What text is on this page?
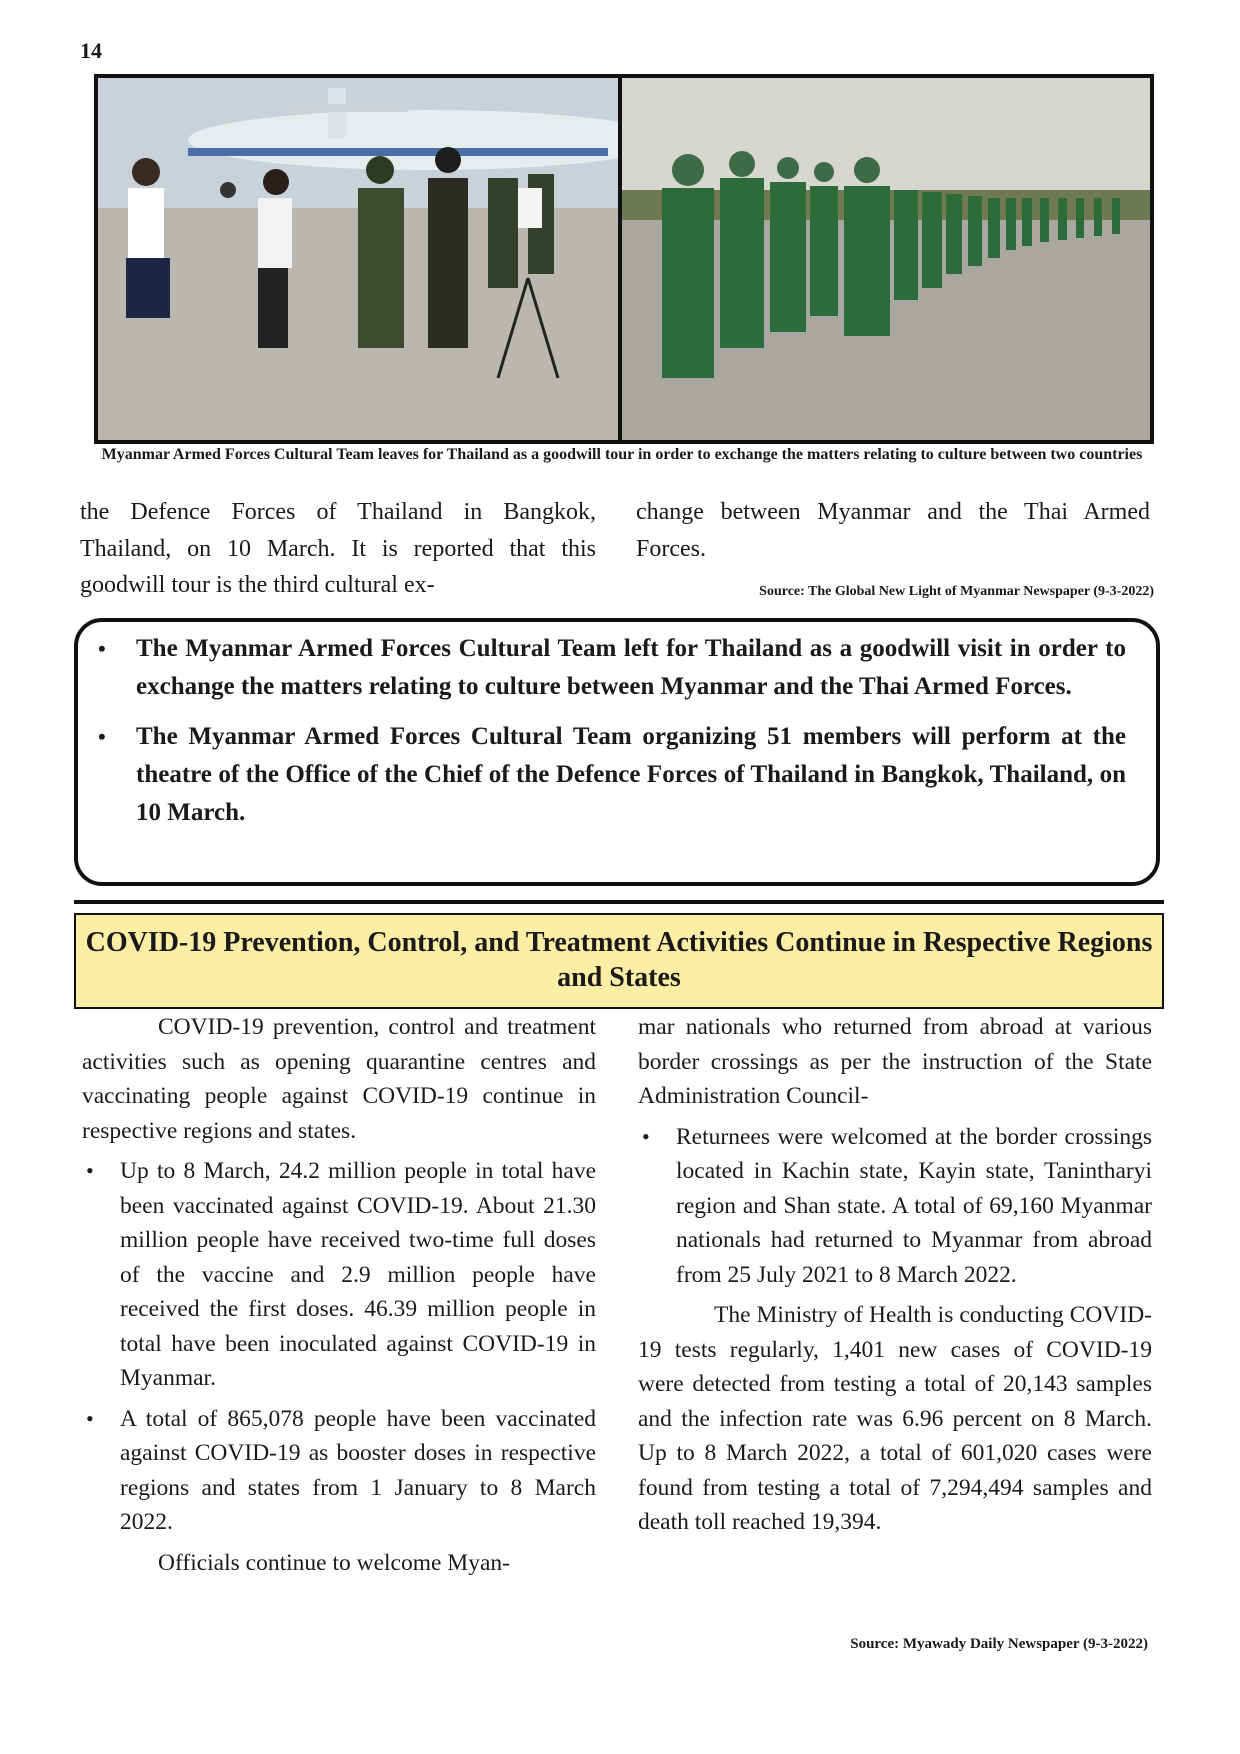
14
Myanmar Armed Forces Cultural Team leaves for Thailand as a goodwill tour in order to exchange the matters relating to culture between two countries

the Defence Forces of Thailand in Bangkok, Thailand, on 10 March. It is reported that this goodwill tour is the third cultural ex-

change between Myanmar and the Thai Armed Forces.

Source: The Global New Light of Myanmar Newspaper (9-3-2022)
• The Myanmar Armed Forces Cultural Team left for Thailand as a goodwill visit in order to exchange the matters relating to culture between Myanmar and the Thai Armed Forces.
• The Myanmar Armed Forces Cultural Team organizing 51 members will perform at the theatre of the Office of the Chief of the Defence Forces of Thailand in Bangkok, Thailand, on 10 March.
COVID-19 Prevention, Control, and Treatment Activities Continue in Respective Regions and States

COVID-19 prevention, control and treatment activities such as opening quarantine centres and vaccinating people against COVID-19 continue in respective regions and states.

• Up to 8 March, 24.2 million people in total have been vaccinated against COVID-19. About 21.30 million people have received two-time full doses of the vaccine and 2.9 million people have received the first doses. 46.39 million people in total have been inoculated against COVID-19 in Myanmar.

• A total of 865,078 people have been vaccinated against COVID-19 as booster doses in respective regions and states from 1 January to 8 March 2022.

Officials continue to welcome Myan-

mar nationals who returned from abroad at various border crossings as per the instruction of the State Administration Council-

• Returnees were welcomed at the border crossings located in Kachin state, Kayin state, Tanintharyi region and Shan state. A total of 69,160 Myanmar nationals had returned to Myanmar from abroad from 25 July 2021 to 8 March 2022.

The Ministry of Health is conducting COVID-19 tests regularly, 1,401 new cases of COVID-19 were detected from testing a total of 20,143 samples and the infection rate was 6.96 percent on 8 March. Up to 8 March 2022, a total of 601,020 cases were found from testing a total of 7,294,494 samples and death toll reached 19,394.

Source: Myawady Daily Newspaper (9-3-2022)
